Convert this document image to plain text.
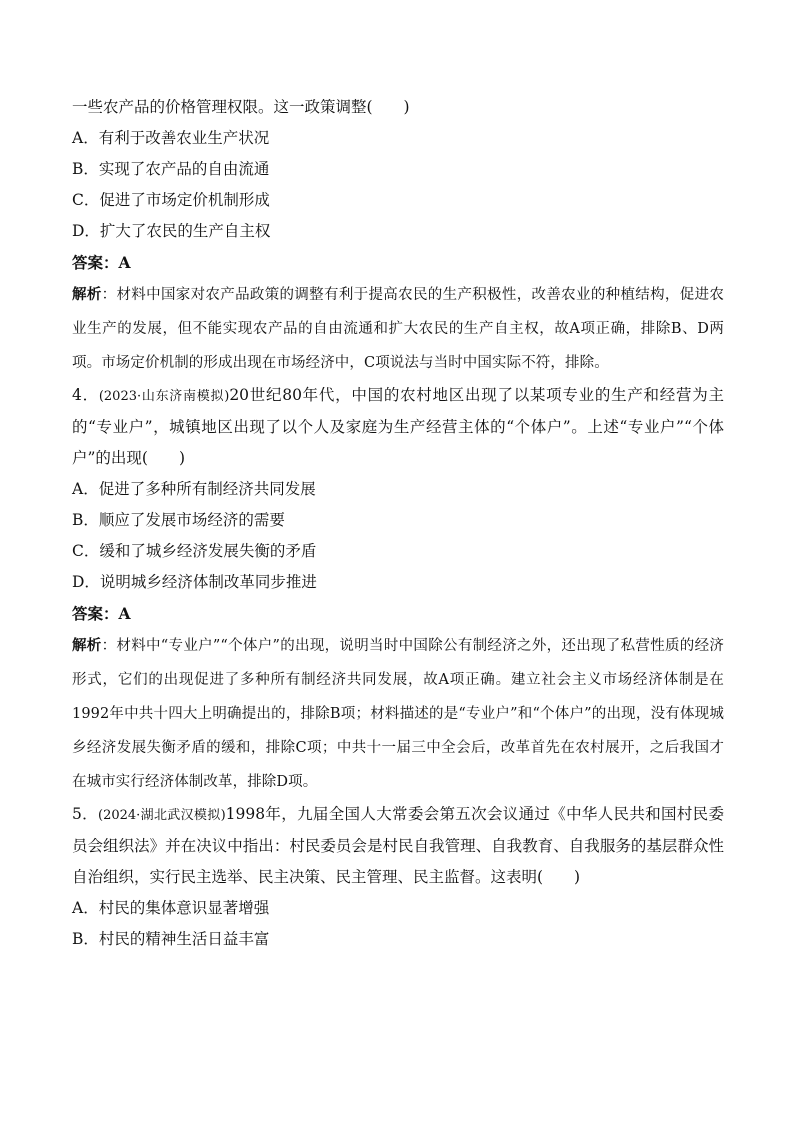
一些农产品的价格管理权限。这一政策调整(　　)

A．有利于改善农业生产状况

B．实现了农产品的自由流通

C．促进了市场定价机制形成

D．扩大了农民的生产自主权

答案：A

解析：材料中国家对农产品政策的调整有利于提高农民的生产积极性，改善农业的种植结构，促进农业生产的发展，但不能实现农产品的自由流通和扩大农民的生产自主权，故A项正确，排除B、D两项。市场定价机制的形成出现在市场经济中，C项说法与当时中国实际不符，排除。

4．(2023·山东济南模拟)20世纪80年代，中国的农村地区出现了以某项专业的生产和经营为主的“专业户”，城镇地区出现了以个人及家庭为生产经营主体的“个体户”。上述“专业户”“个体户”的出现(　　)

A．促进了多种所有制经济共同发展

B．顺应了发展市场经济的需要

C．缓和了城乡经济发展失衡的矛盾

D．说明城乡经济体制改革同步推进

答案：A

解析：材料中“专业户”“个体户”的出现，说明当时中国除公有制经济之外，还出现了私营性质的经济形式，它们的出现促进了多种所有制经济共同发展，故A项正确。建立社会主义市场经济体制是在1992年中共十四大上明确提出的，排除B项；材料描述的是“专业户”和“个体户”的出现，没有体现城乡经济发展失衡矛盾的缓和，排除C项；中共十一届三中全会后，改革首先在农村展开，之后我国才在城市实行经济体制改革，排除D项。

5．(2024·湖北武汉模拟)1998年，九届全国人大常委会第五次会议通过《中华人民共和国村民委员会组织法》并在决议中指出：村民委员会是村民自我管理、自我教育、自我服务的基层群众性自治组织，实行民主选举、民主决策、民主管理、民主监督。这表明(　　)

A．村民的集体意识显著增强

B．村民的精神生活日益丰富
